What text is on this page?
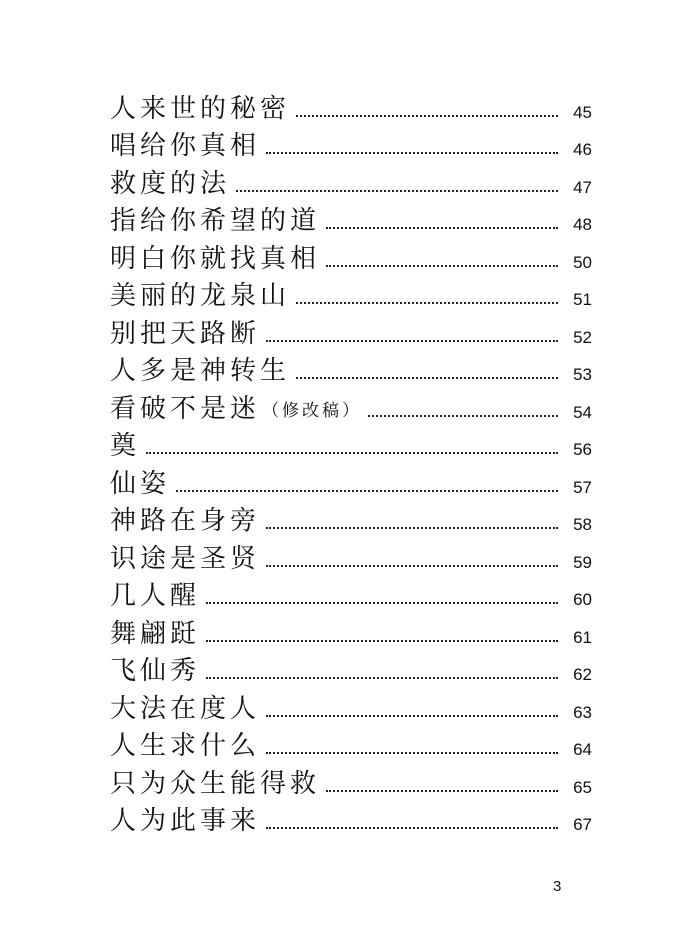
人来世的秘密	45
唱给你真相	46
救度的法	47
指给你希望的道	48
明白你就找真相	50
美丽的龙泉山	51
别把天路断	52
人多是神转生	53
看破不是迷 （修改稿）	54
奠	56
仙姿	57
神路在身旁	58
识途是圣贤	59
几人醒	60
舞翩跹	61
飞仙秀	62
大法在度人	63
人生求什么	64
只为众生能得救	65
人为此事来	67
3
